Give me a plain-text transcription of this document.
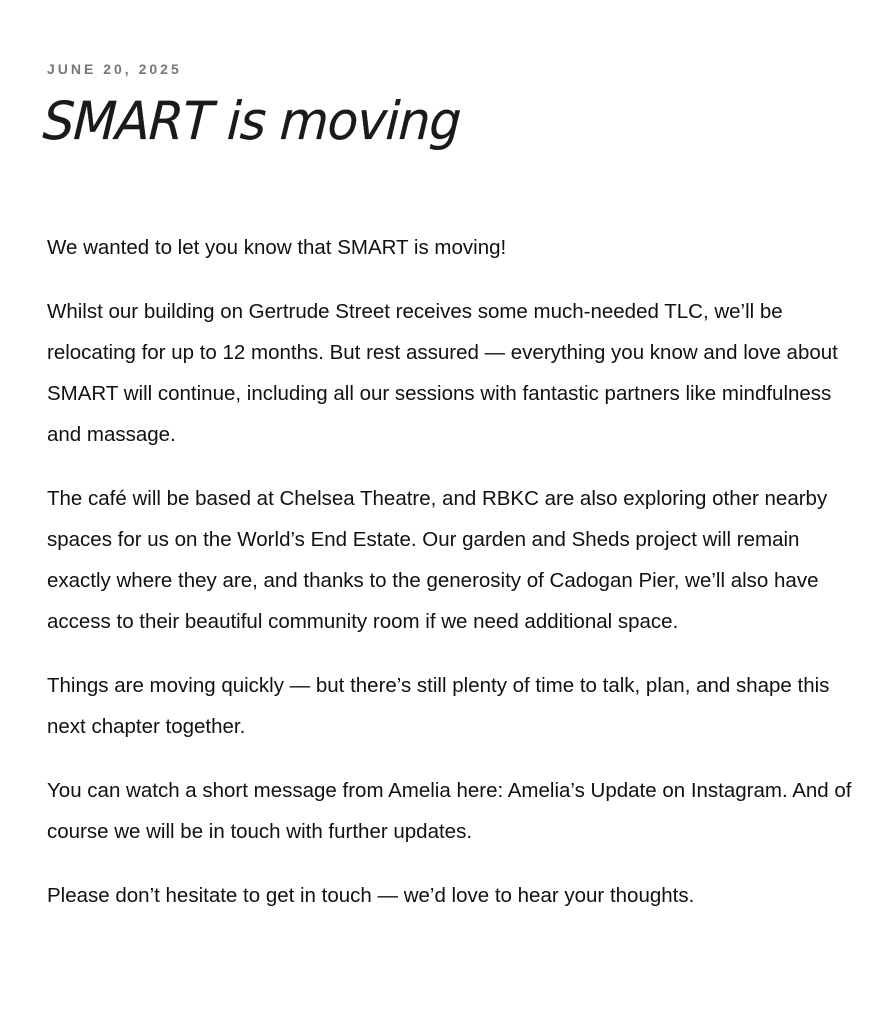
JUNE 20, 2025
SMART is moving

We wanted to let you know that SMART is moving!

Whilst our building on Gertrude Street receives some much-needed TLC, we’ll be relocating for up to 12 months. But rest assured — everything you know and love about SMART will continue, including all our sessions with fantastic partners like mindfulness and massage.

The café will be based at Chelsea Theatre, and RBKC are also exploring other nearby spaces for us on the World’s End Estate. Our garden and Sheds project will remain exactly where they are, and thanks to the generosity of Cadogan Pier, we’ll also have access to their beautiful community room if we need additional space.

Things are moving quickly — but there’s still plenty of time to talk, plan, and shape this next chapter together.

You can watch a short message from Amelia here: Amelia’s Update on Instagram. And of course we will be in touch with further updates.

Please don’t hesitate to get in touch — we’d love to hear your thoughts.
